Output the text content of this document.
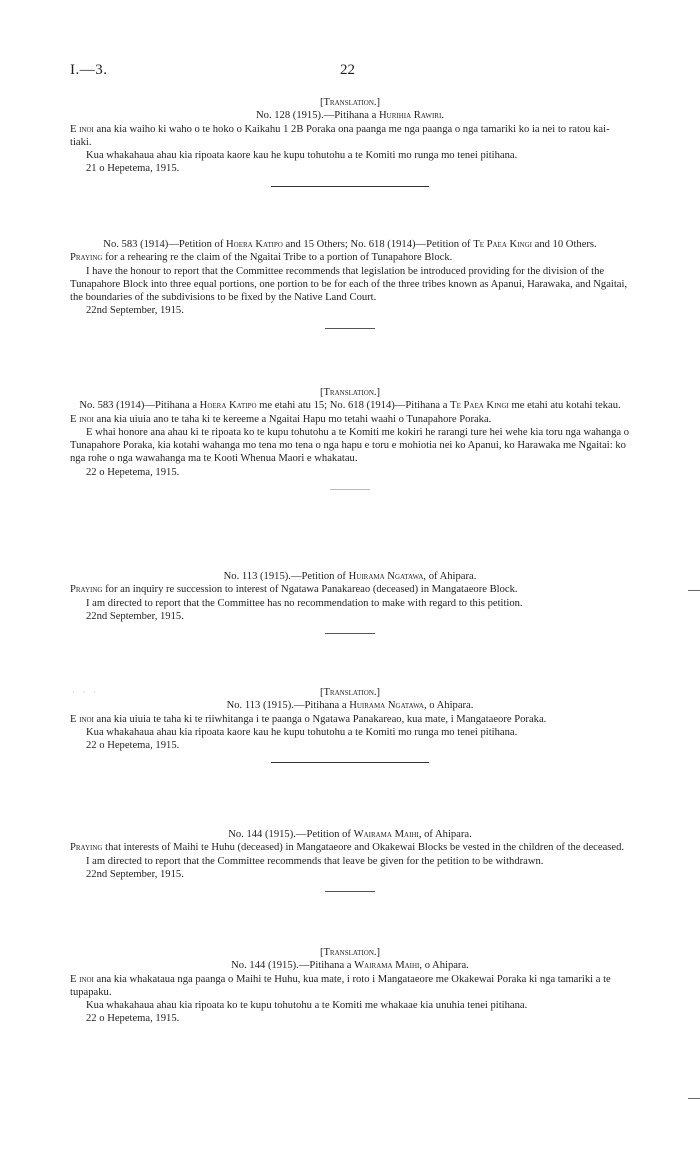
I.—3.	22

[Translation.]

No. 128 (1915).—Pitihana a Hurihia Rawiri.

E inoi ana kia waiho ki waho o te hoko o Kaikahu 1 2B Poraka ona paanga me nga paanga o nga tamariki ko ia nei to ratou kai-tiaki.

Kua whakahaua ahau kia ripoata kaore kau he kupu tohutohu a te Komiti mo runga mo tenei pitihana.

21 o Hepetema, 1915.

No. 583 (1914)—Petition of Hoera Katipo and 15 Others; No. 618 (1914)—Petition of Te Paea Kingi and 10 Others.

Praying for a rehearing re the claim of the Ngaitai Tribe to a portion of Tunapahore Block.

I have the honour to report that the Committee recommends that legislation be introduced providing for the division of the Tunapahore Block into three equal portions, one portion to be for each of the three tribes known as Apanui, Harawaka, and Ngaitai, the boundaries of the subdivisions to be fixed by the Native Land Court.

22nd September, 1915.

[Translation.]

No. 583 (1914)—Pitihana a Hoera Katipo me etahi atu 15; No. 618 (1914)—Pitihana a Te Paea Kingi me etahi atu kotahi tekau.

E inoi ana kia uiuia ano te taha ki te kereeme a Ngaitai Hapu mo tetahi waahi o Tunapahore Poraka.

E whai honore ana ahau ki te ripoata ko te kupu tohutohu a te Komiti me kokiri he rarangi ture hei wehe kia toru nga wahanga o Tunapahore Poraka, kia kotahi wahanga mo tena mo tena o nga hapu e toru e mohiotia nei ko Apanui, ko Harawaka me Ngaitai: ko nga rohe o nga wawahanga ma te Kooti Whenua Maori e whakatau.

22 o Hepetema, 1915.

No. 113 (1915).—Petition of Huirama Ngatawa, of Ahipara.

Praying for an inquiry re succession to interest of Ngatawa Panakareao (deceased) in Mangataeore Block.

I am directed to report that the Committee has no recommendation to make with regard to this petition.

22nd September, 1915.

· · ·	[Translation.]

No. 113 (1915).—Pitihana a Huirama Ngatawa, o Ahipara.

E inoi ana kia uiuia te taha ki te riiwhitanga i te paanga o Ngatawa Panakareao, kua mate, i Mangataeore Poraka.

Kua whakahaua ahau kia ripoata kaore kau he kupu tohutohu a te Komiti mo runga mo tenei pitihana.

22 o Hepetema, 1915.

No. 144 (1915).—Petition of Wairama Maihi, of Ahipara.

Praying that interests of Maihi te Huhu (deceased) in Mangataeore and Okakewai Blocks be vested in the children of the deceased.

I am directed to report that the Committee recommends that leave be given for the petition to be withdrawn.

22nd September, 1915.

[Translation.]

No. 144 (1915).—Pitihana a Wairama Maihi, o Ahipara.

E inoi ana kia whakataua nga paanga o Maihi te Huhu, kua mate, i roto i Mangataeore me Okakewai Poraka ki nga tamariki a te tupapaku.

Kua whakahaua ahau kia ripoata ko te kupu tohutohu a te Komiti me whakaae kia unuhia tenei pitihana.

22 o Hepetema, 1915.
